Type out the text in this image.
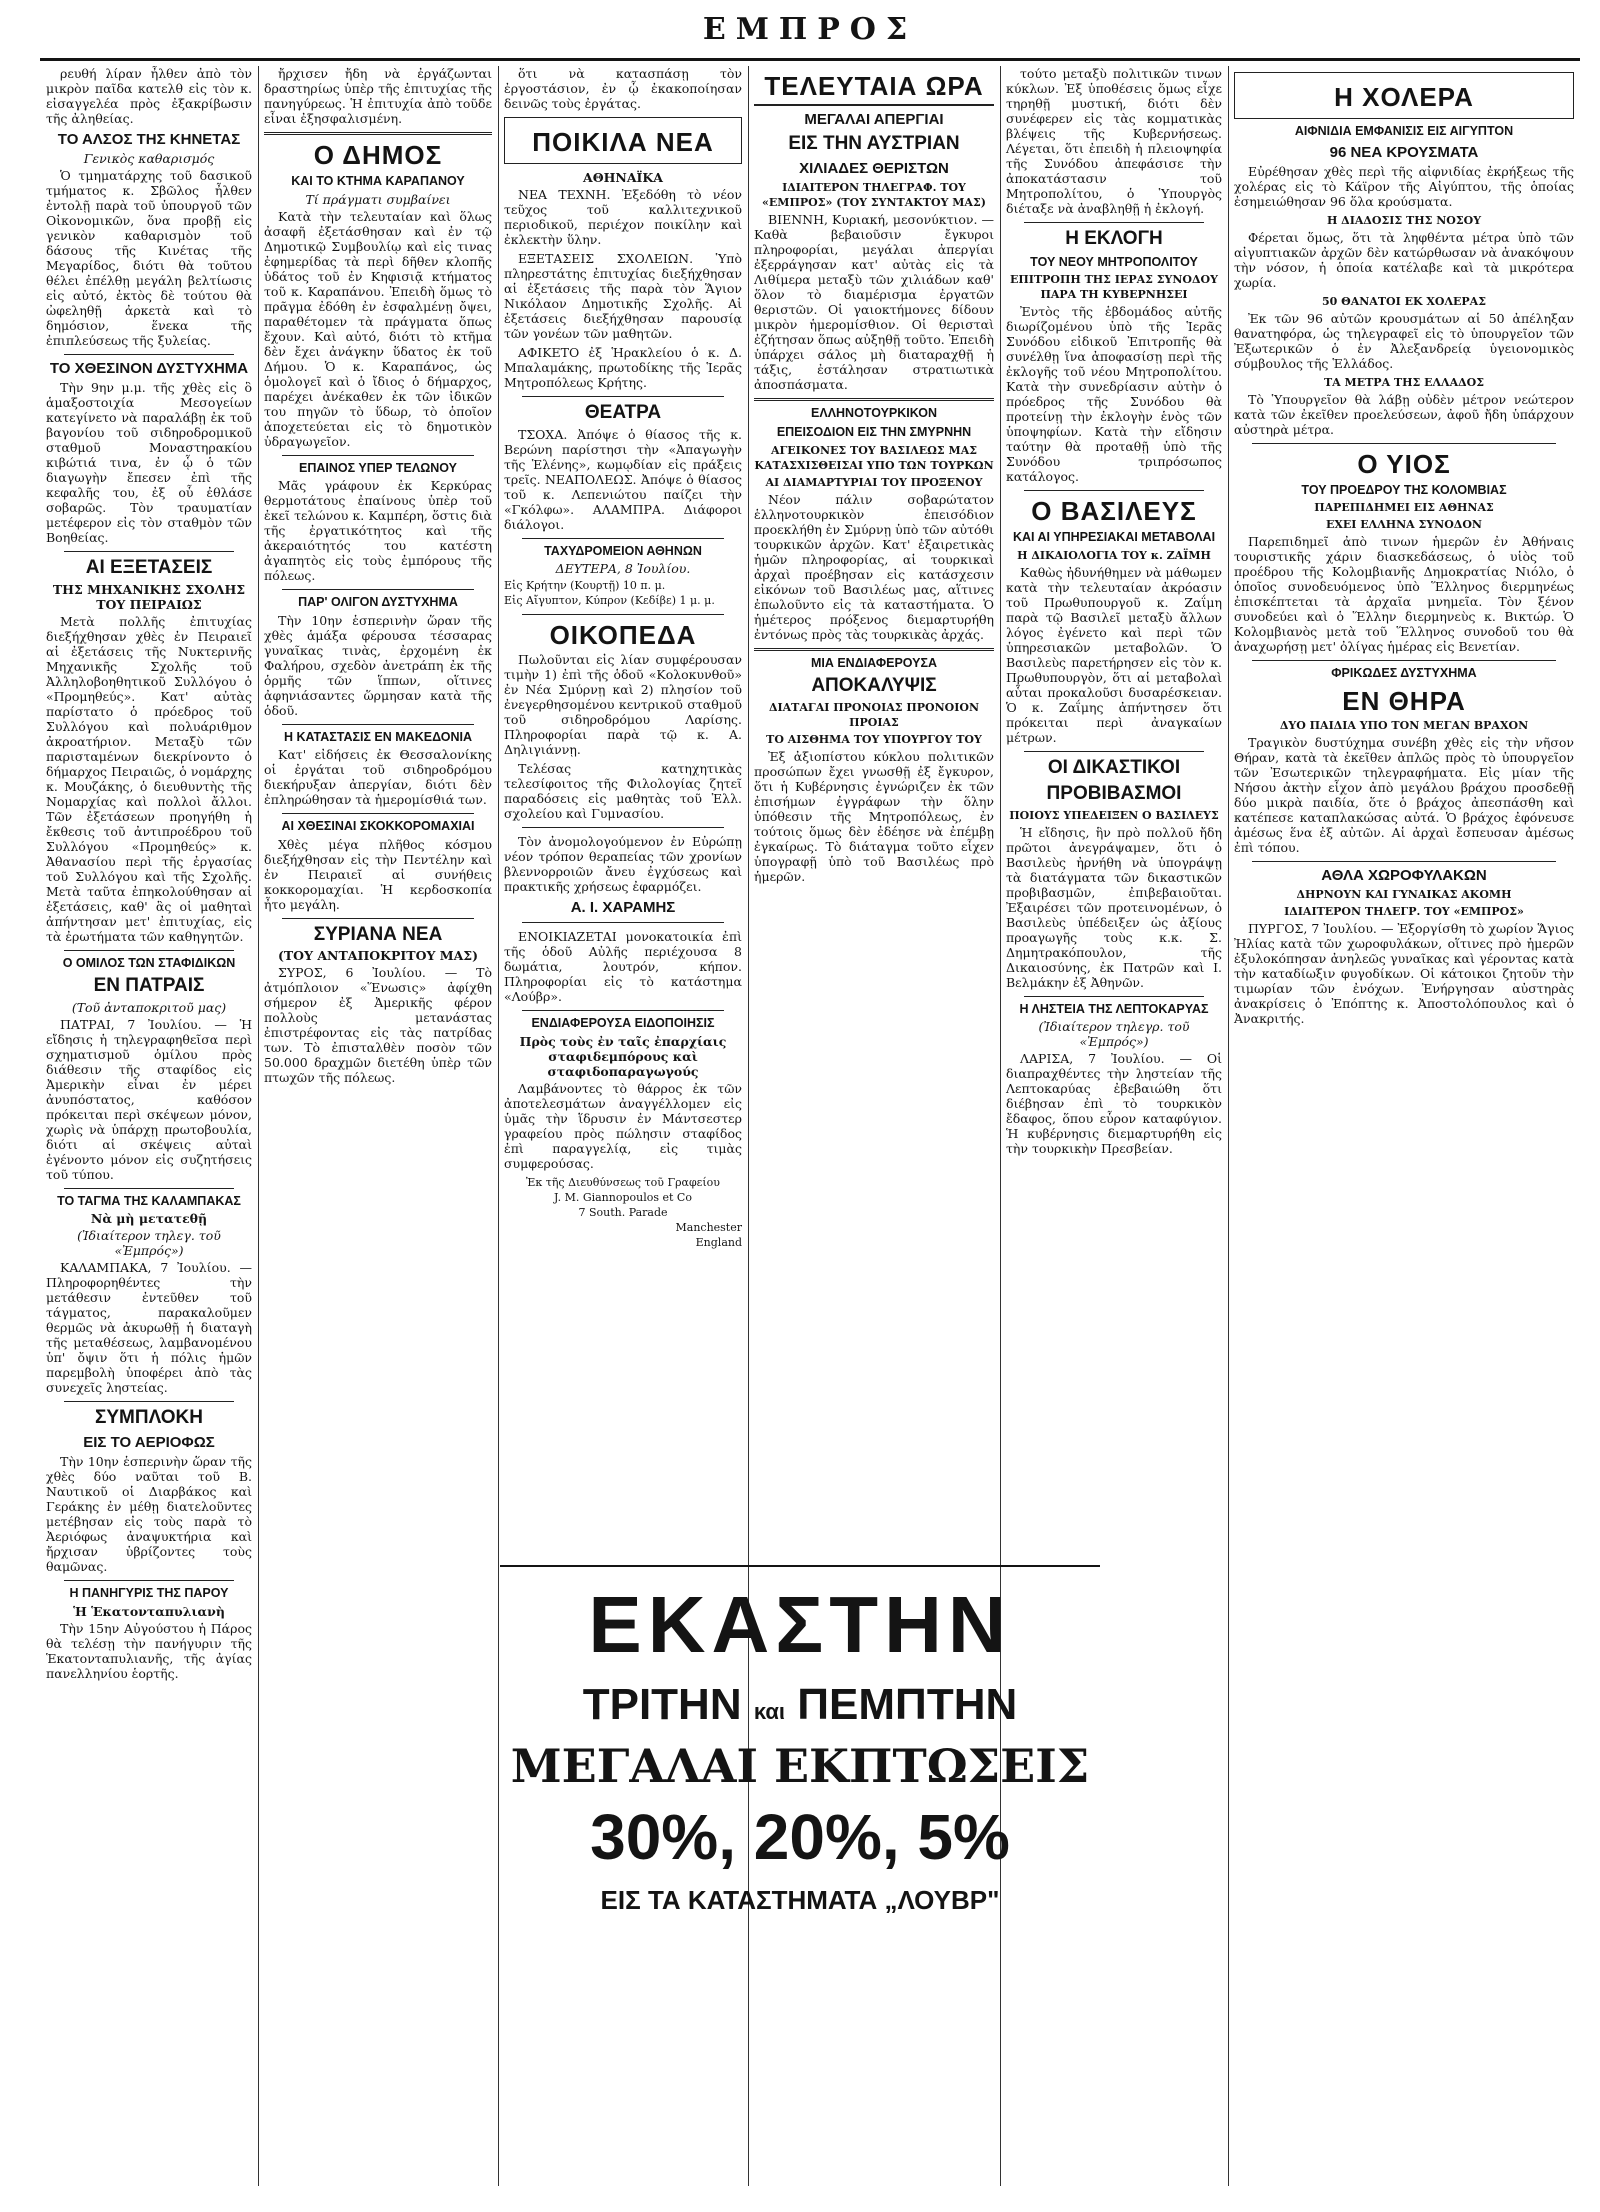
ΕΜΠΡΟΣ
ρευθή λίραν ἦλθεν ἀπὸ τὸν μικρὸν παῖδα κατελθ εἰς τὸν κ. εἰσαγγελέα πρὸς ἐξακρίβωσιν τῆς ἀληθείας.
ΤΟ ΑΛΣΟΣ ΤΗΣ ΚΗΝΕΤΑΣ
Γενικὸς καθαρισμός
Ὁ τμηματάρχης τοῦ δασικοῦ τμήματος κ. Σβῶλος ἦλθεν ἐντολῇ παρὰ τοῦ ὑπουργοῦ τῶν Οἰκονομικῶν, ὅνα προβῇ εἰς γενικὸν καθαρισμὸν τοῦ δάσους τῆς Κινέτας τῆς Μεγαρίδος, διότι θὰ τοῦτου θέλει ἐπέλθῃ μεγάλη βελτίωσις εἰς αὐτό, ἐκτὸς δὲ τούτου θὰ ὠφεληθῇ ἀρκετὰ καὶ τὸ δημόσιον, ἕνεκα τῆς ἐπιπλεύσεως τῆς ξυλείας.
ΤΟ ΧΘΕΣΙΝΟΝ ΔΥΣΤΥΧΗΜΑ
Τὴν 9ην μ.μ. τῆς χθὲς εἰς ὃ ἁμαξοστοιχία Μεσογείων κατεγίνετο νὰ παραλάβῃ ἐκ τοῦ βαγονίου τοῦ σιδηροδρομικοῦ σταθμοῦ Μοναστηρακίου κιβώτιά τινα, ἐν ᾧ ὁ τῶν διαγωγὴν ἔπεσεν ἐπὶ τῆς κεφαλῆς του, ἐξ οὗ ἐθλάσε σοβαρῶς. Τὸν τραυματίαν μετέφερον εἰς τὸν σταθμὸν τῶν Βοηθείας.
ΑΙ ΕΞΕΤΑΣΕΙΣ
ΤΗΣ ΜΗΧΑΝΙΚΗΣ ΣΧΟΛΗΣ ΤΟΥ ΠΕΙΡΑΙΩΣ
Μετὰ πολλῆς ἐπιτυχίας διεξήχθησαν χθὲς ἐν Πειραιεῖ αἱ ἐξετάσεις τῆς Νυκτερινῆς Μηχανικῆς Σχολῆς τοῦ Ἀλληλοβοηθητικοῦ Συλλόγου ὁ «Προμηθεύς». Κατ' αὐτὰς παρίστατο ὁ πρόεδρος τοῦ Συλλόγου καὶ πολυάριθμον ἀκροατήριον. Μεταξὺ τῶν παρισταμένων διεκρίνοντο ὁ δήμαρχος Πειραιῶς, ὁ νομάρχης κ. Μουζάκης, ὁ διευθυντὴς τῆς Νομαρχίας καὶ πολλοὶ ἄλλοι. Τῶν ἐξετάσεων προηγήθη ἡ ἔκθεσις τοῦ ἀντιπροέδρου τοῦ Συλλόγου «Προμηθεύς» κ. Ἀθανασίου περὶ τῆς ἐργασίας τοῦ Συλλόγου καὶ τῆς Σχολῆς. Μετὰ ταῦτα ἐπηκολούθησαν αἱ ἐξετάσεις, καθ' ἃς οἱ μαθηταὶ ἀπήντησαν μετ' ἐπιτυχίας, εἰς τὰ ἐρωτήματα τῶν καθηγητῶν.
Ο ΟΜΙΛΟΣ ΤΩΝ ΣΤΑΦΙΔΙΚΩΝ
ΕΝ ΠΑΤΡΑΙΣ
(Τοῦ ἀνταποκριτοῦ μας)
ΠΑΤΡΑΙ, 7 Ἰουλίου. — Ἡ εἴδησις ἡ τηλεγραφηθεῖσα περὶ σχηματισμοῦ ὁμίλου πρὸς διάθεσιν τῆς σταφίδος εἰς Ἀμερικὴν εἶναι ἐν μέρει ἀνυπόστατος, καθόσον πρόκειται περὶ σκέψεων μόνον, χωρὶς νὰ ὑπάρχῃ πρωτοβουλία, διότι αἱ σκέψεις αὐταὶ ἐγένοντο μόνον εἰς συζητήσεις τοῦ τύπου.
ΤΟ ΤΑΓΜΑ ΤΗΣ ΚΑΛΑΜΠΑΚΑΣ
Νὰ μὴ μετατεθῇ
(Ἰδιαίτερον τηλεγ. τοῦ «Ἐμπρός»)
ΚΑΛΑΜΠΑΚΑ, 7 Ἰουλίου. — Πληροφορηθέντες τὴν μετάθεσιν ἐντεῦθεν τοῦ τάγματος, παρακαλοῦμεν θερμῶς νὰ ἀκυρωθῇ ἡ διαταγὴ τῆς μεταθέσεως, λαμβανομένου ὑπ' ὄψιν ὅτι ἡ πόλις ἡμῶν παρεμβολὴ ὑποφέρει ἀπὸ τὰς συνεχεῖς ληστείας.
ΣΥΜΠΛΟΚΗ
ΕΙΣ ΤΟ ΑΕΡΙΟΦΩΣ
Τὴν 10ην ἑσπερινὴν ὥραν τῆς χθὲς δύο ναῦται τοῦ Β. Ναυτικοῦ οἱ Διαρβάκος καὶ Γεράκης ἐν μέθῃ διατελοῦντες μετέβησαν εἰς τοὺς παρὰ τὸ Ἀεριόφως ἀναψυκτήρια καὶ ἤρχισαν ὑβρίζοντες τοὺς θαμῶνας.
Η ΠΑΝΗΓΥΡΙΣ ΤΗΣ ΠΑΡΟΥ
Ἡ Ἑκατονταπυλιανὴ
Τὴν 15ην Αὐγούστου ἡ Πάρος θὰ τελέσῃ τὴν πανήγυριν τῆς Ἑκατονταπυλιανῆς, τῆς ἀγίας πανελληνίου ἑορτῆς.
ἤρχισεν ἤδη νὰ ἐργάζωνται δραστηρίως ὑπὲρ τῆς ἐπιτυχίας τῆς πανηγύρεως. Ἡ ἐπιτυχία ἀπὸ τοῦδε εἶναι ἐξησφαλισμένη.
Ο ΔΗΜΟΣ
ΚΑΙ ΤΟ ΚΤΗΜΑ ΚΑΡΑΠΑΝΟΥ
Τί πράγματι συμβαίνει
Κατὰ τὴν τελευταίαν καὶ ὅλως ἀσαφῆ ἐξετάσθησαν καὶ ἐν τῷ Δημοτικῷ Συμβουλίῳ καὶ εἰς τινας ἐφημερίδας τὰ περὶ δῆθεν κλοπῆς ὑδάτος τοῦ ἐν Κηφισιᾷ κτήματος τοῦ κ. Καραπάνου. Ἐπειδὴ ὅμως τὸ πρᾶγμα ἐδόθη ἐν ἐσφαλμένῃ ὄψει, παραθέτομεν τὰ πράγματα ὅπως ἔχουν. Καὶ αὐτό, διότι τὸ κτῆμα δὲν ἔχει ἀνάγκην ὕδατος ἐκ τοῦ Δήμου. Ὁ κ. Καραπάνος, ὡς ὁμολογεῖ καὶ ὁ ἴδιος ὁ δήμαρχος, παρέχει ἀνέκαθεν ἐκ τῶν ἰδικῶν του πηγῶν τὸ ὕδωρ, τὸ ὁποῖον ἀποχετεύεται εἰς τὸ δημοτικὸν ὑδραγωγεῖον.
ΕΠΑΙΝΟΣ ΥΠΕΡ ΤΕΛΩΝΟΥ
Μᾶς γράφουν ἐκ Κερκύρας θερμοτάτους ἐπαίνους ὑπὲρ τοῦ ἐκεῖ τελώνου κ. Καμπέρη, ὅστις διὰ τῆς ἐργατικότητος καὶ τῆς ἀκεραιότητός του κατέστη ἀγαπητὸς εἰς τοὺς ἐμπόρους τῆς πόλεως.
ΠΑΡ' ΟΛΙΓΟΝ ΔΥΣΤΥΧΗΜΑ
Τὴν 10ην ἑσπερινὴν ὥραν τῆς χθὲς ἁμάξα φέρουσα τέσσαρας γυναῖκας τινὰς, ἐρχομένη ἐκ Φαλήρου, σχεδὸν ἀνετράπη ἐκ τῆς ὁρμῆς τῶν ἵππων, οἵτινες ἀφηνιάσαντες ὥρμησαν κατὰ τῆς ὁδοῦ.
Η ΚΑΤΑΣΤΑΣΙΣ ΕΝ ΜΑΚΕΔΟΝΙΑ
Κατ' εἰδήσεις ἐκ Θεσσαλονίκης οἱ ἐργάται τοῦ σιδηροδρόμου διεκήρυξαν ἀπεργίαν, διότι δὲν ἐπληρώθησαν τὰ ἡμερομίσθιά των.
ΑΙ ΧΘΕΣΙΝΑΙ ΣΚΟΚΚΟΡΟΜΑΧΙΑΙ
Χθὲς μέγα πλῆθος κόσμου διεξήχθησαν εἰς τὴν Πεντέλην καὶ ἐν Πειραιεῖ αἱ συνήθεις κοκκορομαχίαι. Ἡ κερδοσκοπία ἦτο μεγάλη.
ΣΥΡΙΑΝΑ ΝΕΑ
(ΤΟΥ ΑΝΤΑΠΟΚΡΙΤΟΥ ΜΑΣ)
ΣΥΡΟΣ, 6 Ἰουλίου. — Τὸ ἀτμόπλοιον «Ἕνωσις» ἀφίχθη σήμερον ἐξ Ἀμερικῆς φέρον πολλοὺς μετανάστας ἐπιστρέφοντας εἰς τὰς πατρίδας των. Τὸ ἐπισταλθὲν ποσὸν τῶν 50.000 δραχμῶν διετέθη ὑπὲρ τῶν πτωχῶν τῆς πόλεως.
ὅτι νὰ κατασπάσῃ τὸν ἐργοστάσιον, ἐν ᾧ ἐκακοποίησαν δεινῶς τοὺς ἐργάτας.
ΠΟΙΚΙΛΑ ΝΕΑ
ΑΘΗΝΑΪΚΑ
ΝΕΑ ΤΕΧΝΗ. Ἐξεδόθη τὸ νέον τεῦχος τοῦ καλλιτεχνικοῦ περιοδικοῦ, περιέχον ποικίλην καὶ ἐκλεκτὴν ὕλην.
ΕΞΕΤΑΣΕΙΣ ΣΧΟΛΕΙΩΝ. Ὑπὸ πληρεστάτης ἐπιτυχίας διεξήχθησαν αἱ ἐξετάσεις τῆς παρὰ τὸν Ἅγιον Νικόλαον Δημοτικῆς Σχολῆς. Αἱ ἐξετάσεις διεξήχθησαν παρουσίᾳ τῶν γονέων τῶν μαθητῶν.
ΑΦΙΚΕΤΟ ἐξ Ἡρακλείου ὁ κ. Δ. Μπαλαμάκης, πρωτοδίκης τῆς Ἱερᾶς Μητροπόλεως Κρήτης.
ΘΕΑΤΡΑ
ΤΣΟΧΑ. Ἀπόψε ὁ θίασος τῆς κ. Βερώνη παρίστησι τὴν «Ἀπαγωγὴν τῆς Ἑλένης», κωμῳδίαν εἰς πράξεις τρεῖς. ΝΕΑΠΟΛΕΩΣ. Ἀπόψε ὁ θίασος τοῦ κ. Λεπενιώτου παίζει τὴν «Γκόλφω». ΑΛΑΜΠΡΑ. Διάφοροι διάλογοι.
ΤΑΧΥΔΡΟΜΕΙΟΝ ΑΘΗΝΩΝ
ΔΕΥΤΕΡΑ, 8 Ἰουλίου.
Εἰς Κρήτην (Κουρτῇ) 10 π. μ.
Εἰς Αἴγυπτον, Κύπρον (Κεδίβε) 1 μ. μ.
ΟΙΚΟΠΕΔΑ
Πωλοῦνται εἰς λίαν συμφέρουσαν τιμὴν 1) ἐπὶ τῆς ὁδοῦ «Κολοκυνθοῦ» ἐν Νέα Σμύρνῃ καὶ 2) πλησίον τοῦ ἐνεγερθησομένου κεντρικοῦ σταθμοῦ τοῦ σιδηροδρόμου Λαρίσης. Πληροφορίαι παρὰ τῷ κ. Α. Δηλιγιάννῃ.
Τελέσας κατηχητικὰς τελεσίφοιτος τῆς Φιλολογίας ζητεῖ παραδόσεις εἰς μαθητὰς τοῦ Ἑλλ. σχολείου καὶ Γυμνασίου.
Τὸν ἀνομολογούμενον ἐν Εὐρώπῃ νέον τρόπον θεραπείας τῶν χρονίων βλεννορροιῶν ἄνευ ἐγχύσεως καὶ πρακτικῆς χρήσεως ἐφαρμόζει.
Α. Ι. ΧΑΡΑΜΗΣ
ΕΝΟΙΚΙΑΖΕΤΑΙ μονοκατοικία ἐπὶ τῆς ὁδοῦ Αὐλῆς περιέχουσα 8 δωμάτια, λουτρόν, κήπον. Πληροφορίαι εἰς τὸ κατάστημα «Λούβρ».
ΕΝΔΙΑΦΕΡΟΥΣΑ ΕΙΔΟΠΟΙΗΣΙΣ
Πρὸς τοὺς ἐν ταῖς ἐπαρχίαις σταφιδεμπόρους καὶ σταφιδοπαραγωγούς
Λαμβάνοντες τὸ θάρρος ἐκ τῶν ἀποτελεσμάτων ἀναγγέλλομεν εἰς ὑμᾶς τὴν ἵδρυσιν ἐν Μάντσεστερ γραφείου πρὸς πώλησιν σταφίδος ἐπὶ παραγγελίᾳ, εἰς τιμὰς συμφερούσας.
Ἐκ τῆς Διευθύνσεως τοῦ Γραφείου
J. M. Giannopoulos et Co
7 South. Parade
Manchester
England
ΤΕΛΕΥΤΑΙΑ ΩΡΑ
ΜΕΓΑΛΑΙ ΑΠΕΡΓΙΑΙ
ΕΙΣ ΤΗΝ ΑΥΣΤΡΙΑΝ
ΧΙΛΙΑΔΕΣ ΘΕΡΙΣΤΩΝ
ΙΔΙΑΙΤΕΡΟΝ ΤΗΛΕΓΡΑΦ. ΤΟΥ «ΕΜΠΡΟΣ» (ΤΟΥ ΣΥΝΤΑΚΤΟΥ ΜΑΣ)
ΒΙΕΝΝΗ, Κυριακή, μεσονύκτιον. — Καθὰ βεβαιοῦσιν ἔγκυροι πληροφορίαι, μεγάλαι ἀπεργίαι ἐξερράγησαν κατ' αὐτὰς εἰς τὰ Λιθίμερα μεταξὺ τῶν χιλιάδων καθ' ὅλον τὸ διαμέρισμα ἐργατῶν θεριστῶν. Οἱ γαιοκτήμονες δίδουν μικρὸν ἡμερομίσθιον. Οἱ θερισταὶ ἐζήτησαν ὅπως αὐξηθῇ τοῦτο. Ἐπειδὴ ὑπάρχει σάλος μὴ διαταραχθῇ ἡ τάξις, ἐστάλησαν στρατιωτικὰ ἀποσπάσματα.
ΕΛΛΗΝΟΤΟΥΡΚΙΚΟΝ
ΕΠΕΙΣΟΔΙΟΝ ΕΙΣ ΤΗΝ ΣΜΥΡΝΗΝ
ΑΓΕΙΚΟΝΕΣ ΤΟΥ ΒΑΣΙΛΕΩΣ ΜΑΣ ΚΑΤΑΣΧΙΣΘΕΙΣΑΙ ΥΠΟ ΤΩΝ ΤΟΥΡΚΩΝ
ΑΙ ΔΙΑΜΑΡΤΥΡΙΑΙ ΤΟΥ ΠΡΟΞΕΝΟΥ
Νέον πάλιν σοβαρώτατον ἑλληνοτουρκικὸν ἐπεισόδιον προεκλήθη ἐν Σμύρνῃ ὑπὸ τῶν αὐτόθι τουρκικῶν ἀρχῶν. Κατ' ἐξαιρετικὰς ἡμῶν πληροφορίας, αἱ τουρκικαὶ ἀρχαὶ προέβησαν εἰς κατάσχεσιν εἰκόνων τοῦ Βασιλέως μας, αἵτινες ἐπωλοῦντο εἰς τὰ καταστήματα. Ὁ ἡμέτερος πρόξενος διεμαρτυρήθη ἐντόνως πρὸς τὰς τουρκικὰς ἀρχάς.
ΜΙΑ ΕΝΔΙΑΦΕΡΟΥΣΑ
ΑΠΟΚΑΛΥΨΙΣ
ΔΙΑΤΑΓΑΙ ΠΡΟΝΟΙΑΣ ΠΡΟΝΟΙΟΝ ΠΡΟΙΑΣ
ΤΟ ΑΙΣΘΗΜΑ ΤΟΥ ΥΠΟΥΡΓΟΥ ΤΟΥ
Ἐξ ἀξιοπίστου κύκλου πολιτικῶν προσώπων ἔχει γνωσθῇ ἐξ ἔγκυρον, ὅτι ἡ Κυβέρνησις ἐγνώριζεν ἐκ τῶν ἐπισήμων ἐγγράφων τὴν ὅλην ὑπόθεσιν τῆς Μητροπόλεως, ἐν τούτοις ὅμως δὲν ἐδέησε νὰ ἐπέμβῃ ἐγκαίρως. Τὸ διάταγμα τοῦτο εἶχεν ὑπογραφῇ ὑπὸ τοῦ Βασιλέως πρὸ ἡμερῶν.
τούτο μεταξὺ πολιτικῶν τινων κύκλων. Ἐξ ὑποθέσεις ὅμως εἶχε τηρηθῇ μυστική, διότι δὲν συνέφερεν εἰς τὰς κομματικὰς βλέψεις τῆς Κυβερνήσεως. Λέγεται, ὅτι ἐπειδὴ ἡ πλειοψηφία τῆς Συνόδου ἀπεφάσισε τὴν ἀποκατάστασιν τοῦ Μητροπολίτου, ὁ Ὑπουργὸς διέταξε νὰ ἀναβληθῇ ἡ ἐκλογή.
Η ΕΚΛΟΓΗ
ΤΟΥ ΝΕΟΥ ΜΗΤΡΟΠΟΛΙΤΟΥ
ΕΠΙΤΡΟΠΗ ΤΗΣ ΙΕΡΑΣ ΣΥΝΟΔΟΥ ΠΑΡΑ ΤΗ ΚΥΒΕΡΝΗΣΕΙ
Ἐντὸς τῆς ἑβδομάδος αὐτῆς διωρίζομένου ὑπὸ τῆς Ἱερᾶς Συνόδου εἰδικοῦ Ἐπιτροπῆς θὰ συνέλθῃ ἵνα ἀποφασίσῃ περὶ τῆς ἐκλογῆς τοῦ νέου Μητροπολίτου. Κατὰ τὴν συνεδρίασιν αὐτὴν ὁ πρόεδρος τῆς Συνόδου θὰ προτείνῃ τὴν ἐκλογὴν ἑνὸς τῶν ὑποψηφίων. Κατὰ τὴν εἴδησιν ταύτην θὰ προταθῇ ὑπὸ τῆς Συνόδου τριπρόσωπος κατάλογος.
Ο ΒΑΣΙΛΕΥΣ
ΚΑΙ ΑΙ ΥΠΗΡΕΣΙΑΚΑΙ ΜΕΤΑΒΟΛΑΙ
Η ΔΙΚΑΙΟΛΟΓΙΑ ΤΟΥ κ. ΖΑΪΜΗ
Καθὼς ἠδυνήθημεν νὰ μάθωμεν κατὰ τὴν τελευταίαν ἀκρόασιν τοῦ Πρωθυπουργοῦ κ. Ζαΐμη παρὰ τῷ Βασιλεῖ μεταξὺ ἄλλων λόγος ἐγένετο καὶ περὶ τῶν ὑπηρεσιακῶν μεταβολῶν. Ὁ Βασιλεὺς παρετήρησεν εἰς τὸν κ. Πρωθυπουργὸν, ὅτι αἱ μεταβολαὶ αὗται προκαλοῦσι δυσαρέσκειαν. Ὁ κ. Ζαΐμης ἀπήντησεν ὅτι πρόκειται περὶ ἀναγκαίων μέτρων.
ΟΙ ΔΙΚΑΣΤΙΚΟΙ
ΠΡΟΒΙΒΑΣΜΟΙ
ΠΟΙΟΥΣ ΥΠΕΔΕΙΞΕΝ Ο ΒΑΣΙΛΕΥΣ
Ἡ εἴδησις, ἣν πρὸ πολλοῦ ἤδη πρῶτοι ἀνεγράψαμεν, ὅτι ὁ Βασιλεὺς ἠρνήθη νὰ ὑπογράψῃ τὰ διατάγματα τῶν δικαστικῶν προβιβασμῶν, ἐπιβεβαιοῦται. Ἐξαιρέσει τῶν προτεινομένων, ὁ Βασιλεὺς ὑπέδειξεν ὡς ἀξίους προαγωγῆς τοὺς κ.κ. Σ. Δημητρακόπουλον, τῆς Δικαιοσύνης, ἐκ Πατρῶν καὶ Ι. Βελμάκην ἐξ Ἀθηνῶν.
Η ΛΗΣΤΕΙΑ ΤΗΣ ΛΕΠΤΟΚΑΡΥΑΣ
(Ἰδιαίτερον τηλεγρ. τοῦ «Ἐμπρός»)
ΛΑΡΙΣΑ, 7 Ἰουλίου. — Οἱ διαπραχθέντες τὴν ληστείαν τῆς Λεπτοκαρύας ἐβεβαιώθη ὅτι διέβησαν ἐπὶ τὸ τουρκικὸν ἔδαφος, ὅπου εὗρον καταφύγιον. Ἡ κυβέρνησις διεμαρτυρήθη εἰς τὴν τουρκικὴν Πρεσβείαν.
Η ΧΟΛΕΡΑ
ΑΙΦΝΙΔΙΑ ΕΜΦΑΝΙΣΙΣ ΕΙΣ ΑΙΓΥΠΤΟΝ
96 ΝΕΑ ΚΡΟΥΣΜΑΤΑ
Εὐρέθησαν χθὲς περὶ τῆς αἰφνιδίας ἐκρήξεως τῆς χολέρας εἰς τὸ Κάϊρον τῆς Αἰγύπτου, τῆς ὁποίας ἐσημειώθησαν 96 ὅλα κρούσματα.
Η ΔΙΑΔΟΣΙΣ ΤΗΣ ΝΟΣΟΥ
Φέρεται ὅμως, ὅτι τὰ ληφθέντα μέτρα ὑπὸ τῶν αἰγυπτιακῶν ἀρχῶν δὲν κατώρθωσαν νὰ ἀνακόψουν τὴν νόσον, ἡ ὁποία κατέλαβε καὶ τὰ μικρότερα χωρία.
50 ΘΑΝΑΤΟΙ ΕΚ ΧΟΛΕΡΑΣ
Ἐκ τῶν 96 αὐτῶν κρουσμάτων αἱ 50 ἀπέληξαν θανατηφόρα, ὡς τηλεγραφεῖ εἰς τὸ ὑπουργεῖον τῶν Ἐξωτερικῶν ὁ ἐν Ἀλεξανδρείᾳ ὑγειονομικὸς σύμβουλος τῆς Ἑλλάδος.
ΤΑ ΜΕΤΡΑ ΤΗΣ ΕΛΛΑΔΟΣ
Τὸ Ὑπουργεῖον θὰ λάβῃ οὐδὲν μέτρον νεώτερον κατὰ τῶν ἐκεῖθεν προελεύσεων, ἀφοῦ ἤδη ὑπάρχουν αὐστηρὰ μέτρα.
Ο ΥΙΟΣ
ΤΟΥ ΠΡΟΕΔΡΟΥ ΤΗΣ ΚΟΛΟΜΒΙΑΣ
ΠΑΡΕΠΙΔΗΜΕΙ ΕΙΣ ΑΘΗΝΑΣ
ΕΧΕΙ ΕΛΛΗΝΑ ΣΥΝΟΔΟΝ
Παρεπιδημεῖ ἀπὸ τινων ἡμερῶν ἐν Ἀθήναις τουριστικῆς χάριν διασκεδάσεως, ὁ υἱὸς τοῦ προέδρου τῆς Κολομβιανῆς Δημοκρατίας Νιόλο, ὁ ὁποῖος συνοδευόμενος ὑπὸ Ἕλληνος διερμηνέως ἐπισκέπτεται τὰ ἀρχαῖα μνημεῖα. Τὸν ξένον συνοδεύει καὶ ὁ Ἕλλην διερμηνεὺς κ. Βικτώρ. Ὁ Κολομβιανὸς μετὰ τοῦ Ἕλληνος συνοδοῦ του θὰ ἀναχωρήσῃ μετ' ὀλίγας ἡμέρας εἰς Βενετίαν.
ΦΡΙΚΩΔΕΣ ΔΥΣΤΥΧΗΜΑ
ΕΝ ΘΗΡΑ
ΔΥΟ ΠΑΙΔΙΑ ΥΠΟ ΤΟΝ ΜΕΓΑΝ ΒΡΑΧΟΝ
Τραγικὸν δυστύχημα συνέβη χθὲς εἰς τὴν νῆσον Θήραν, κατὰ τὰ ἐκεῖθεν ἀπλῶς πρὸς τὸ ὑπουργεῖον τῶν Ἐσωτερικῶν τηλεγραφήματα. Εἰς μίαν τῆς Νήσου ἀκτὴν εἶχον ἀπὸ μεγάλου βράχου προσδεθῇ δύο μικρὰ παιδία, ὅτε ὁ βράχος ἀπεσπάσθη καὶ κατέπεσε καταπλακώσας αὐτά. Ὁ βράχος ἐφόνευσε ἀμέσως ἕνα ἐξ αὐτῶν. Αἱ ἀρχαὶ ἔσπευσαν ἀμέσως ἐπὶ τόπου.
ΑΘΛΑ ΧΩΡΟΦΥΛΑΚΩΝ
ΔΗΡΝΟΥΝ ΚΑΙ ΓΥΝΑΙΚΑΣ ΑΚΟΜΗ
ΙΔΙΑΙΤΕΡΟΝ ΤΗΛΕΓΡ. ΤΟΥ «ΕΜΠΡΟΣ»
ΠΥΡΓΟΣ, 7 Ἰουλίου. — Ἐξοργίσθη τὸ χωρίον Ἅγιος Ἠλίας κατὰ τῶν χωροφυλάκων, οἵτινες πρὸ ἡμερῶν ἐξυλοκόπησαν ἀνηλεῶς γυναῖκας καὶ γέροντας κατὰ τὴν καταδίωξιν φυγοδίκων. Οἱ κάτοικοι ζητοῦν τὴν τιμωρίαν τῶν ἐνόχων. Ἐνήργησαν αὐστηρὰς ἀνακρίσεις ὁ Ἐπόπτης κ. Ἀποστολόπουλος καὶ ὁ Ἀνακριτής.
ΕΚΑΣΤΗΝ
ΤΡΙΤΗΝ και ΠΕΜΠΤΗΝ
ΜΕΓΑΛΑΙ ΕΚΠΤΩΣΕΙΣ
30%, 20%, 5%
ΕΙΣ ΤΑ ΚΑΤΑΣΤΗΜΑΤΑ „ΛΟΥΒΡ"
